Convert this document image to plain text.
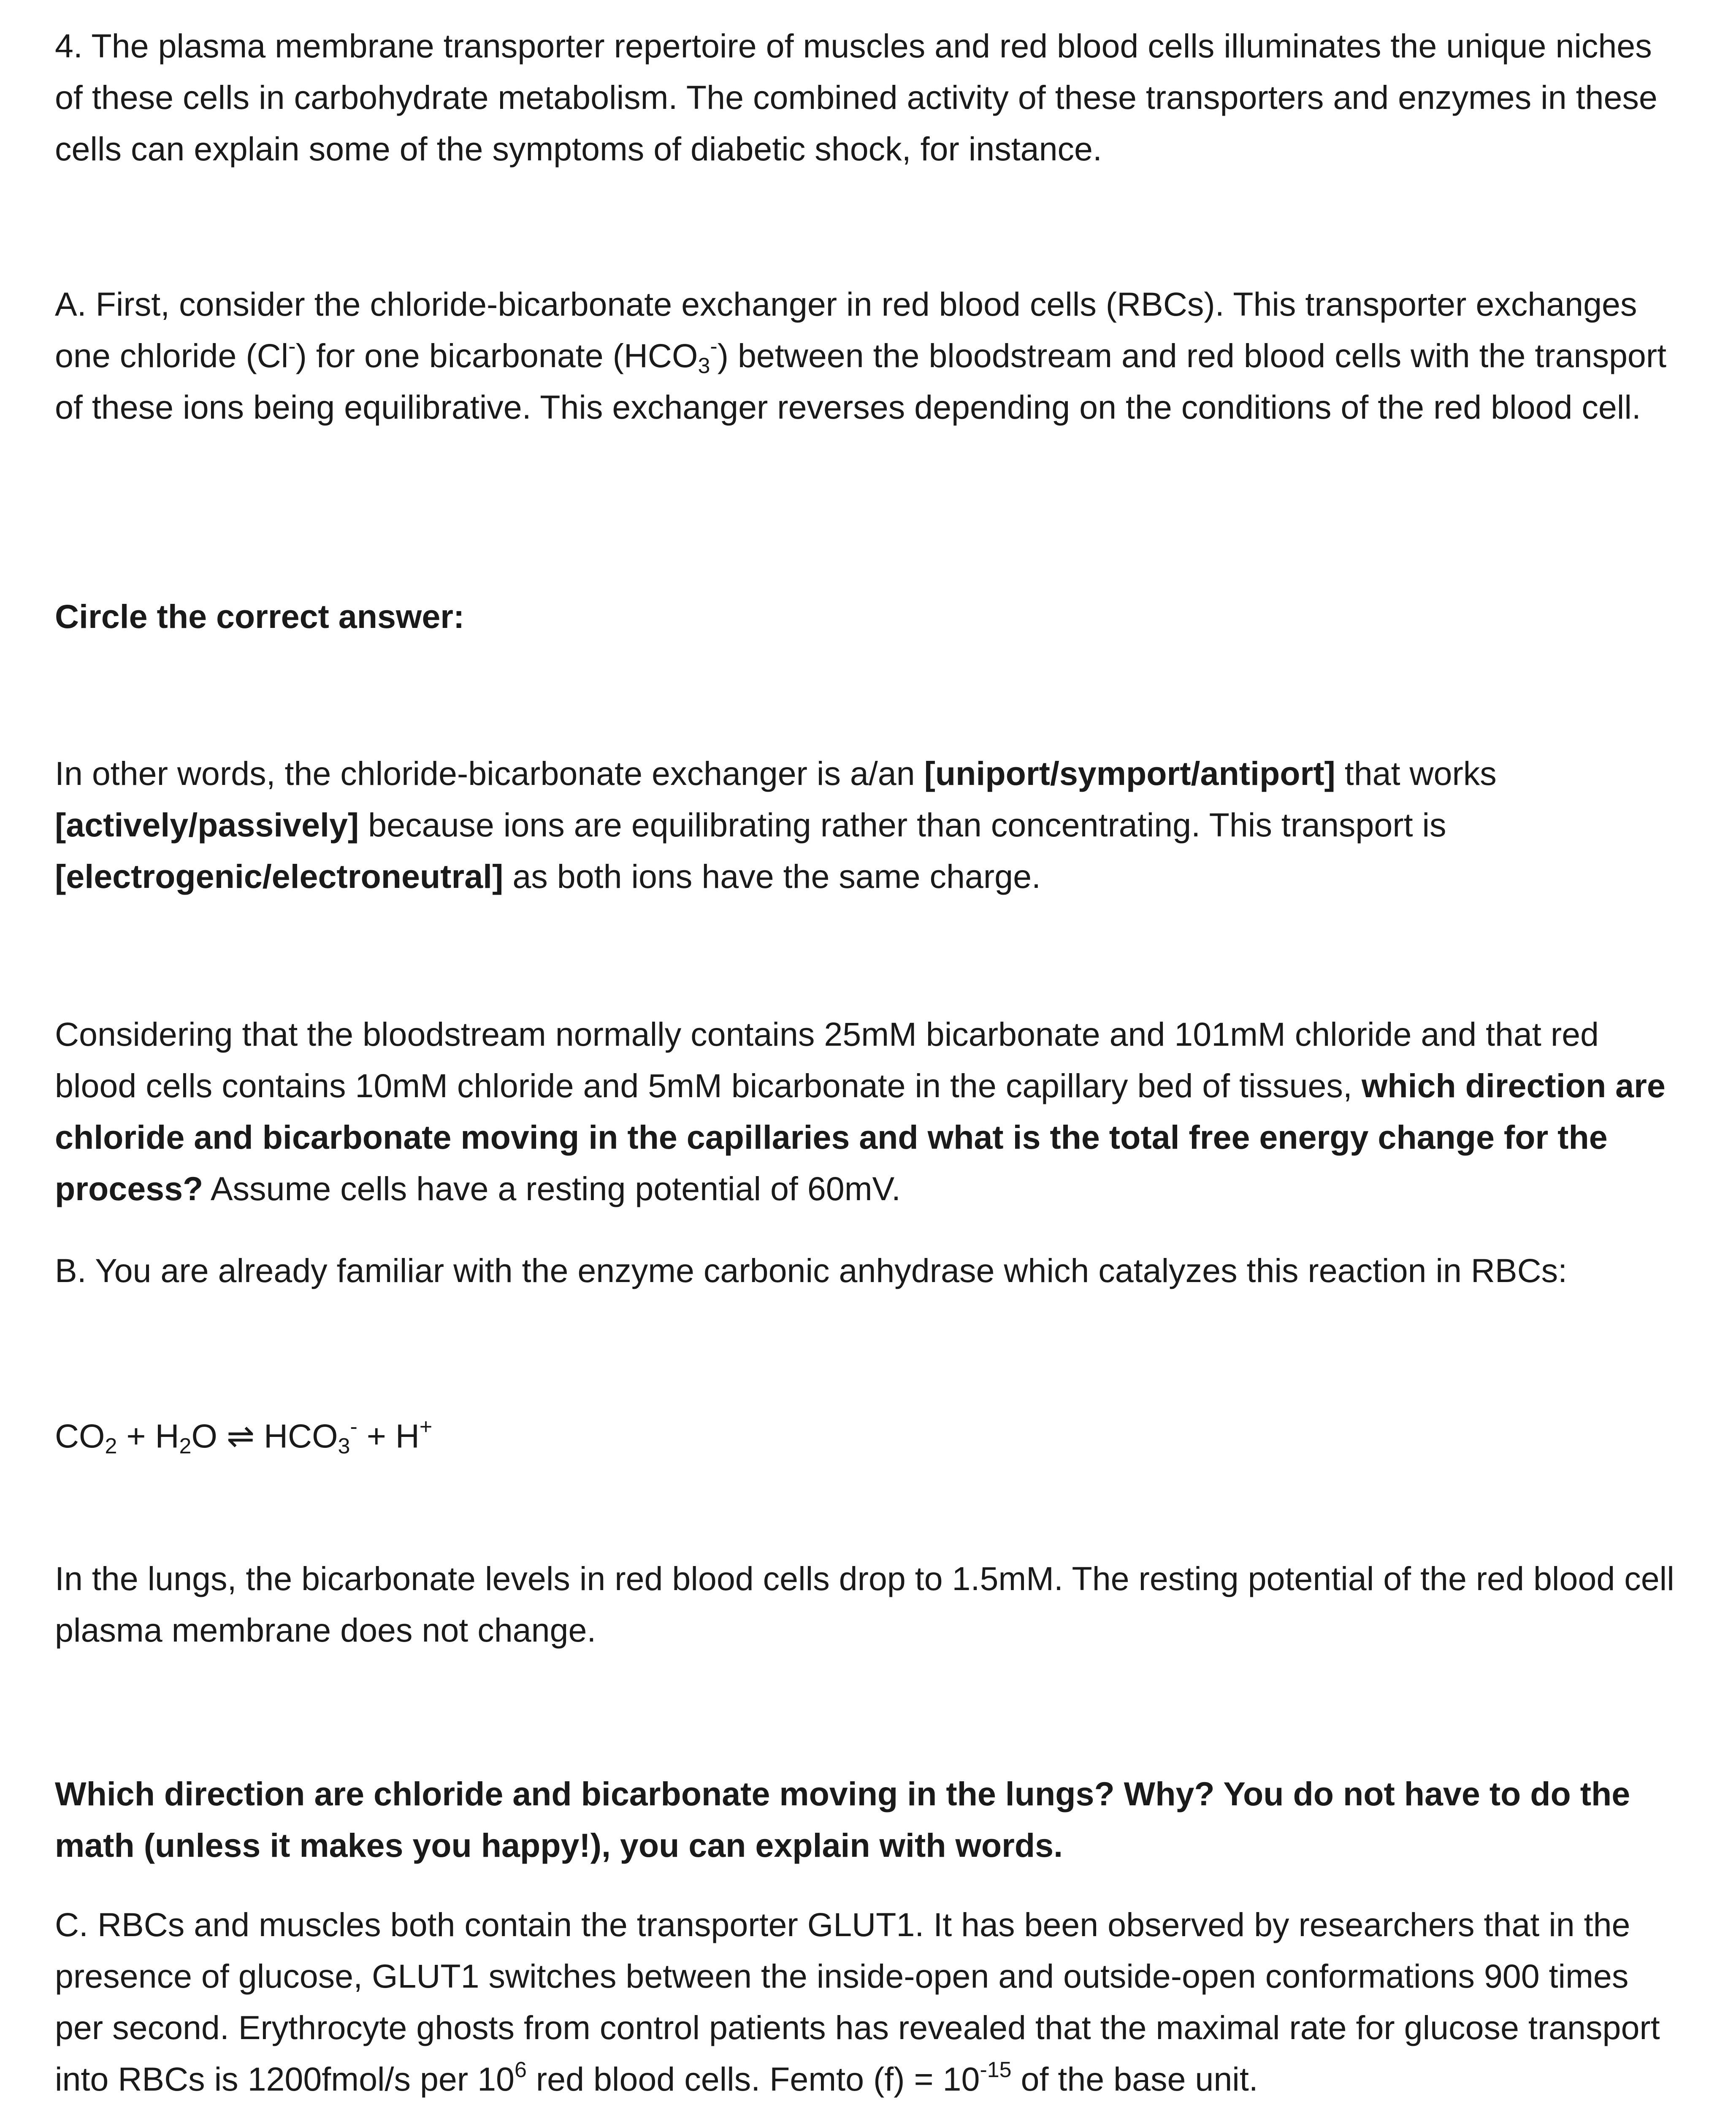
4. The plasma membrane transporter repertoire of muscles and red blood cells illuminates the unique niches of these cells in carbohydrate metabolism. The combined activity of these transporters and enzymes in these cells can explain some of the symptoms of diabetic shock, for instance.

A. First, consider the chloride-bicarbonate exchanger in red blood cells (RBCs). This transporter exchanges one chloride (Cl-) for one bicarbonate $(HCO_3^-)$ between the bloodstream and red blood cells with the transport of these ions being equilibrative. This exchanger reverses depending on the conditions of the red blood cell.

Circle the correct answer:

In other words, the chloride-bicarbonate exchanger is a/an [uniport/symport/antiport] that works [actively/passively] because ions are equilibrating rather than concentrating. This transport is [electrogenic/electroneutral] as both ions have the same charge.

Considering that the bloodstream normally contains 25mM bicarbonate and 101mM chloride and that red blood cells contains 10mM chloride and 5mM bicarbonate in the capillary bed of tissues, which direction are chloride and bicarbonate moving in the capillaries and what is the total free energy change for the process? Assume cells have a resting potential of 60mV.

B. You are already familiar with the enzyme carbonic anhydrase which catalyzes this reaction in RBCs:

$CO_2 + H_2O$ ⇌ $HCO_3^- + H^+$

In the lungs, the bicarbonate levels in red blood cells drop to 1.5mM. The resting potential of the red blood cell plasma membrane does not change.

Which direction are chloride and bicarbonate moving in the lungs? Why? You do not have to do the math (unless it makes you happy!), you can explain with words.

C. RBCs and muscles both contain the transporter GLUT1. It has been observed by researchers that in the presence of glucose, GLUT1 switches between the inside-open and outside-open conformations 900 times per second. Erythrocyte ghosts from control patients has revealed that the maximal rate for glucose transport into RBCs is 1200fmol/s per $10^6$ red blood cells. Femto $(f) = 10^{-15}$ of the base unit.
